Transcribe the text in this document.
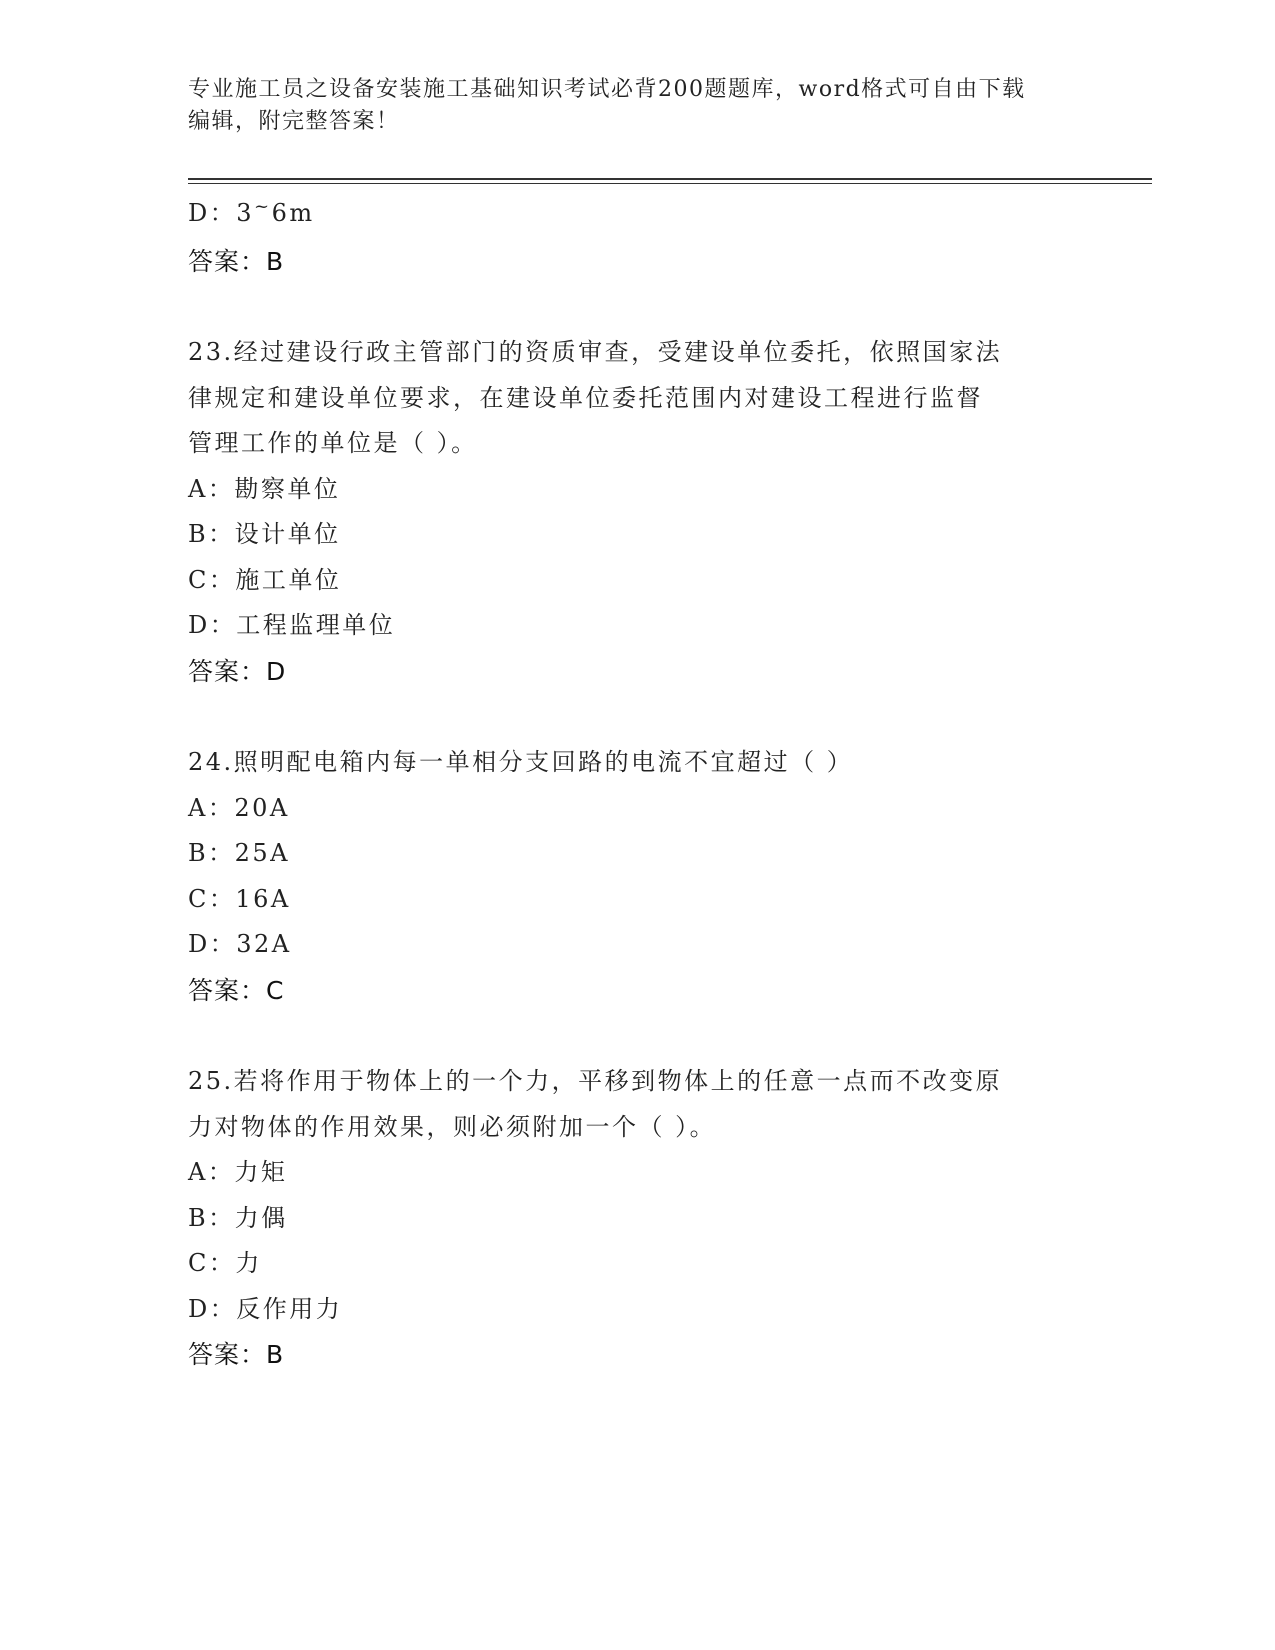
专业施工员之设备安装施工基础知识考试必背200题题库，word格式可自由下载
编辑，附完整答案！
D：3~6m
答案：B
23.经过建设行政主管部门的资质审查，受建设单位委托，依照国家法
律规定和建设单位要求，在建设单位委托范围内对建设工程进行监督
管理工作的单位是（ ）。
A：勘察单位
B：设计单位
C：施工单位
D：工程监理单位
答案：D
24.照明配电箱内每一单相分支回路的电流不宜超过（ ）
A：20A
B：25A
C：16A
D：32A
答案：C
25.若将作用于物体上的一个力，平移到物体上的任意一点而不改变原
力对物体的作用效果，则必须附加一个（ ）。
A：力矩
B：力偶
C：力
D：反作用力
答案：B
